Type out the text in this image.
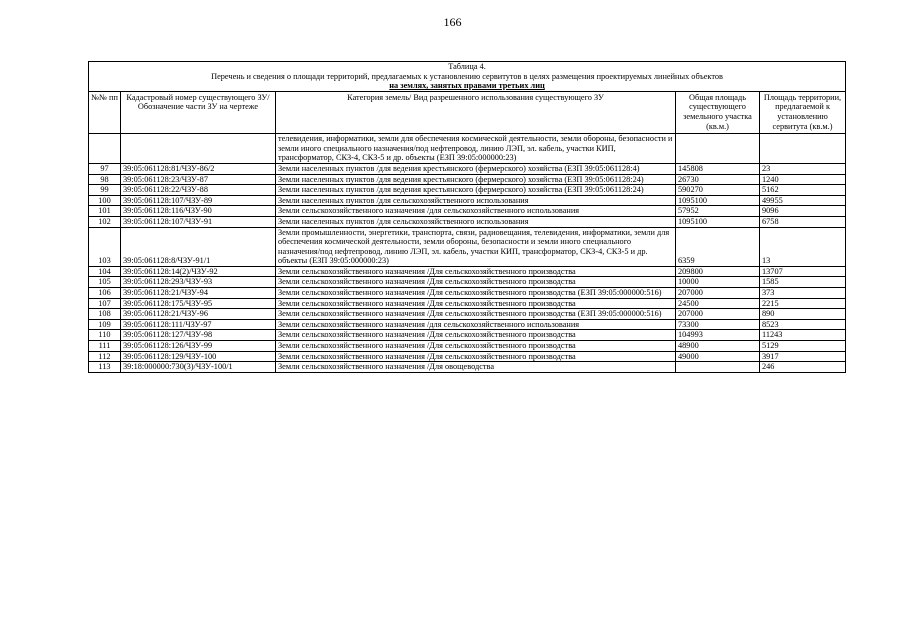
166
Таблица 4.
Перечень и сведения о площади территорий, предлагаемых к установлению сервитутов в целях размещения проектируемых линейных объектов
на землях, занятых правами третьих лиц				

№№ пп	Кадастровый номер существующего ЗУ/ Обозначение части ЗУ на чертеже	Категория земель/ Вид разрешенного использования существующего ЗУ	Общая площадь существующего земельного участка (кв.м.)	Площадь территории, предлагаемой к установлению сервитута (кв.м.)
		телевидения, информатики, земли для обеспечения космической деятельности, земли обороны, безопасности и земли иного специального назначения/под нефтепровод, линию ЛЭП, эл. кабель, участки КИП, трансформатор, СКЗ-4, СКЗ-5 и др. объекты (ЕЗП 39:05:000000:23)		
97	39:05:061128:81/ЧЗУ-86/2	Земли населенных пунктов /для ведения крестьянского (фермерского) хозяйства (ЕЗП 39:05:061128:4)	145808	23
98	39:05:061128:23/ЧЗУ-87	Земли населенных пунктов /для ведения крестьянского (фермерского) хозяйства (ЕЗП 39:05:061128:24)	26730	1240
99	39:05:061128:22/ЧЗУ-88	Земли населенных пунктов /для ведения крестьянского (фермерского) хозяйства (ЕЗП 39:05:061128:24)	590270	5162
100	39:05:061128:107/ЧЗУ-89	Земли населенных пунктов /для сельскохозяйственного использования	1095100	49955
101	39:05:061128:116/ЧЗУ-90	Земли сельскохозяйственного назначения /для сельскохозяйственного использования	57952	9096
102	39:05:061128:107/ЧЗУ-91	Земли населенных пунктов /для сельскохозяйственного использования	1095100	6758
103	39:05:061128:8/ЧЗУ-91/1	Земли промышленности, энергетики, транспорта, связи, радиовещания, телевидения, информатики, земли для обеспечения космической деятельности, земли обороны, безопасности и земли иного специального назначения/под нефтепровод, линию ЛЭП, эл. кабель, участки КИП, трансформатор, СКЗ-4, СКЗ-5 и др. объекты (ЕЗП 39:05:000000:23)	6359	13
104	39:05:061128:14(2)/ЧЗУ-92	Земли сельскохозяйственного назначения /Для сельскохозяйственного производства	209800	13707
105	39:05:061128:293/ЧЗУ-93	Земли сельскохозяйственного назначения /Для сельскохозяйственного производства	10000	1585
106	39:05:061128:21/ЧЗУ-94	Земли сельскохозяйственного назначения /Для сельскохозяйственного производства (ЕЗП 39:05:000000:516)	207000	373
107	39:05:061128:175/ЧЗУ-95	Земли сельскохозяйственного назначения /Для сельскохозяйственного производства	24500	2215
108	39:05:061128:21/ЧЗУ-96	Земли сельскохозяйственного назначения /Для сельскохозяйственного производства (ЕЗП 39:05:000000:516)	207000	890
109	39:05:061128:111/ЧЗУ-97	Земли сельскохозяйственного назначения /для сельскохозяйственного использования	73300	8523
110	39:05:061128:127/ЧЗУ-98	Земли сельскохозяйственного назначения /Для сельскохозяйственного производства	104993	11243
111	39:05:061128:126/ЧЗУ-99	Земли сельскохозяйственного назначения /Для сельскохозяйственного производства	48900	5129
112	39:05:061128:129/ЧЗУ-100	Земли сельскохозяйственного назначения /Для сельскохозяйственного производства	49000	3917
113	39:18:000000:730(3)/ЧЗУ-100/1	Земли сельскохозяйственного назначения /Для овощеводства		246
